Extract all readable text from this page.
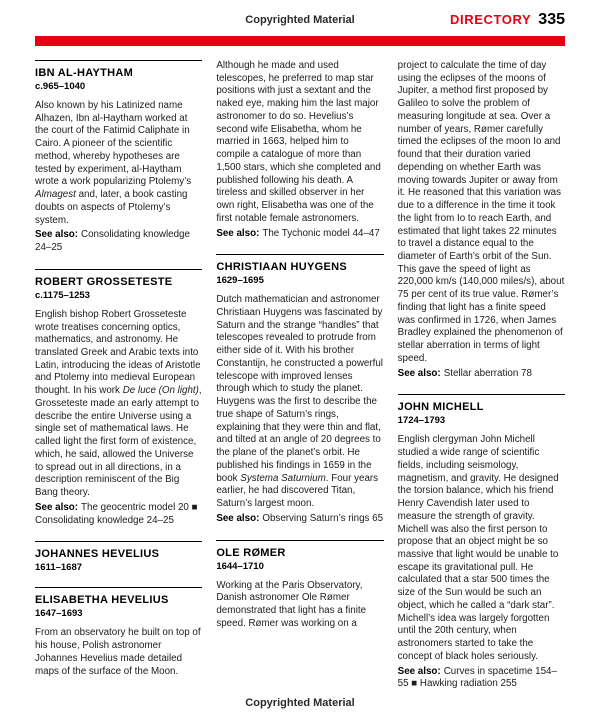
Copyrighted Material	DIRECTORY 335
IBN AL-HAYTHAM
c.965–1040

Also known by his Latinized name Alhazen, Ibn al-Haytham worked at the court of the Fatimid Caliphate in Cairo. A pioneer of the scientific method, whereby hypotheses are tested by experiment, al-Haytham wrote a work popularizing Ptolemy’s Almagest and, later, a book casting doubts on aspects of Ptolemy’s system.

See also: Consolidating knowledge 24–25

ROBERT GROSSETESTE
c.1175–1253

English bishop Robert Grosseteste wrote treatises concerning optics, mathematics, and astronomy. He translated Greek and Arabic texts into Latin, introducing the ideas of Aristotle and Ptolemy into medieval European thought. In his work De luce (On light), Grosseteste made an early attempt to describe the entire Universe using a single set of mathematical laws. He called light the first form of existence, which, he said, allowed the Universe to spread out in all directions, in a description reminiscent of the Big Bang theory.

See also: The geocentric model 20 ■ Consolidating knowledge 24–25

JOHANNES HEVELIUS
1611–1687
ELISABETHA HEVELIUS
1647–1693

From an observatory he built on top of his house, Polish astronomer Johannes Hevelius made detailed maps of the surface of the Moon.

Although he made and used telescopes, he preferred to map star positions with just a sextant and the naked eye, making him the last major astronomer to do so. Hevelius’s second wife Elisabetha, whom he married in 1663, helped him to compile a catalogue of more than 1,500 stars, which she completed and published following his death. A tireless and skilled observer in her own right, Elisabetha was one of the first notable female astronomers.

See also: The Tychonic model 44–47

CHRISTIAAN HUYGENS
1629–1695

Dutch mathematician and astronomer Christiaan Huygens was fascinated by Saturn and the strange “handles” that telescopes revealed to protrude from either side of it. With his brother Constantijn, he constructed a powerful telescope with improved lenses through which to study the planet. Huygens was the first to describe the true shape of Saturn’s rings, explaining that they were thin and flat, and tilted at an angle of 20 degrees to the plane of the planet’s orbit. He published his findings in 1659 in the book Systema Saturnium. Four years earlier, he had discovered Titan, Saturn’s largest moon.

See also: Observing Saturn’s rings 65

OLE RØMER
1644–1710

Working at the Paris Observatory, Danish astronomer Ole Rømer demonstrated that light has a finite speed. Rømer was working on a

project to calculate the time of day using the eclipses of the moons of Jupiter, a method first proposed by Galileo to solve the problem of measuring longitude at sea. Over a number of years, Rømer carefully timed the eclipses of the moon Io and found that their duration varied depending on whether Earth was moving towards Jupiter or away from it. He reasoned that this variation was due to a difference in the time it took the light from Io to reach Earth, and estimated that light takes 22 minutes to travel a distance equal to the diameter of Earth’s orbit of the Sun. This gave the speed of light as 220,000 km/s (140,000 miles/s), about 75 per cent of its true value. Rømer’s finding that light has a finite speed was confirmed in 1726, when James Bradley explained the phenomenon of stellar aberration in terms of light speed.

See also: Stellar aberration 78

JOHN MICHELL
1724–1793

English clergyman John Michell studied a wide range of scientific fields, including seismology, magnetism, and gravity. He designed the torsion balance, which his friend Henry Cavendish later used to measure the strength of gravity. Michell was also the first person to propose that an object might be so massive that light would be unable to escape its gravitational pull. He calculated that a star 500 times the size of the Sun would be such an object, which he called a “dark star”. Michell’s idea was largely forgotten until the 20th century, when astronomers started to take the concept of black holes seriously.

See also: Curves in spacetime 154–55 ■ Hawking radiation 255

Copyrighted Material
